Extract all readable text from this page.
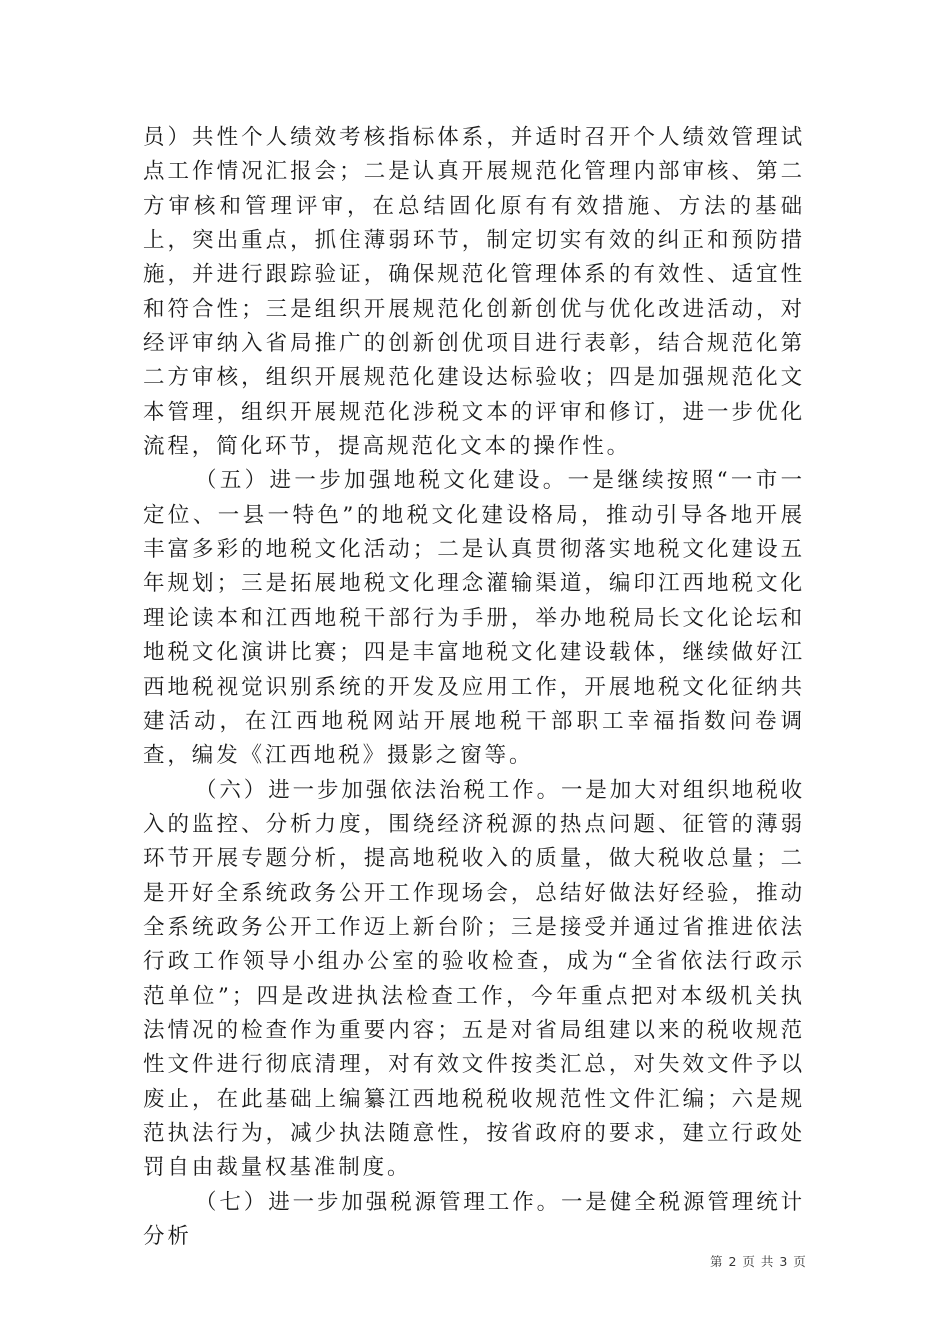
员）共性个人绩效考核指标体系，并适时召开个人绩效管理试点工作情况汇报会；二是认真开展规范化管理内部审核、第二方审核和管理评审，在总结固化原有有效措施、方法的基础上，突出重点，抓住薄弱环节，制定切实有效的纠正和预防措施，并进行跟踪验证，确保规范化管理体系的有效性、适宜性和符合性；三是组织开展规范化创新创优与优化改进活动，对经评审纳入省局推广的创新创优项目进行表彰，结合规范化第二方审核，组织开展规范化建设达标验收；四是加强规范化文本管理，组织开展规范化涉税文本的评审和修订，进一步优化流程，简化环节，提高规范化文本的操作性。

（五）进一步加强地税文化建设。一是继续按照“一市一定位、一县一特色”的地税文化建设格局，推动引导各地开展丰富多彩的地税文化活动；二是认真贯彻落实地税文化建设五年规划；三是拓展地税文化理念灌输渠道，编印江西地税文化理论读本和江西地税干部行为手册，举办地税局长文化论坛和地税文化演讲比赛；四是丰富地税文化建设载体，继续做好江西地税视觉识别系统的开发及应用工作，开展地税文化征纳共建活动，在江西地税网站开展地税干部职工幸福指数问卷调查，编发《江西地税》摄影之窗等。

（六）进一步加强依法治税工作。一是加大对组织地税收入的监控、分析力度，围绕经济税源的热点问题、征管的薄弱环节开展专题分析，提高地税收入的质量，做大税收总量；二是开好全系统政务公开工作现场会，总结好做法好经验，推动全系统政务公开工作迈上新台阶；三是接受并通过省推进依法行政工作领导小组办公室的验收检查，成为“全省依法行政示范单位”；四是改进执法检查工作，今年重点把对本级机关执法情况的检查作为重要内容；五是对省局组建以来的税收规范性文件进行彻底清理，对有效文件按类汇总，对失效文件予以废止，在此基础上编纂江西地税税收规范性文件汇编；六是规范执法行为，减少执法随意性，按省政府的要求，建立行政处罚自由裁量权基准制度。

（七）进一步加强税源管理工作。一是健全税源管理统计分析

第 2 页 共 3 页
